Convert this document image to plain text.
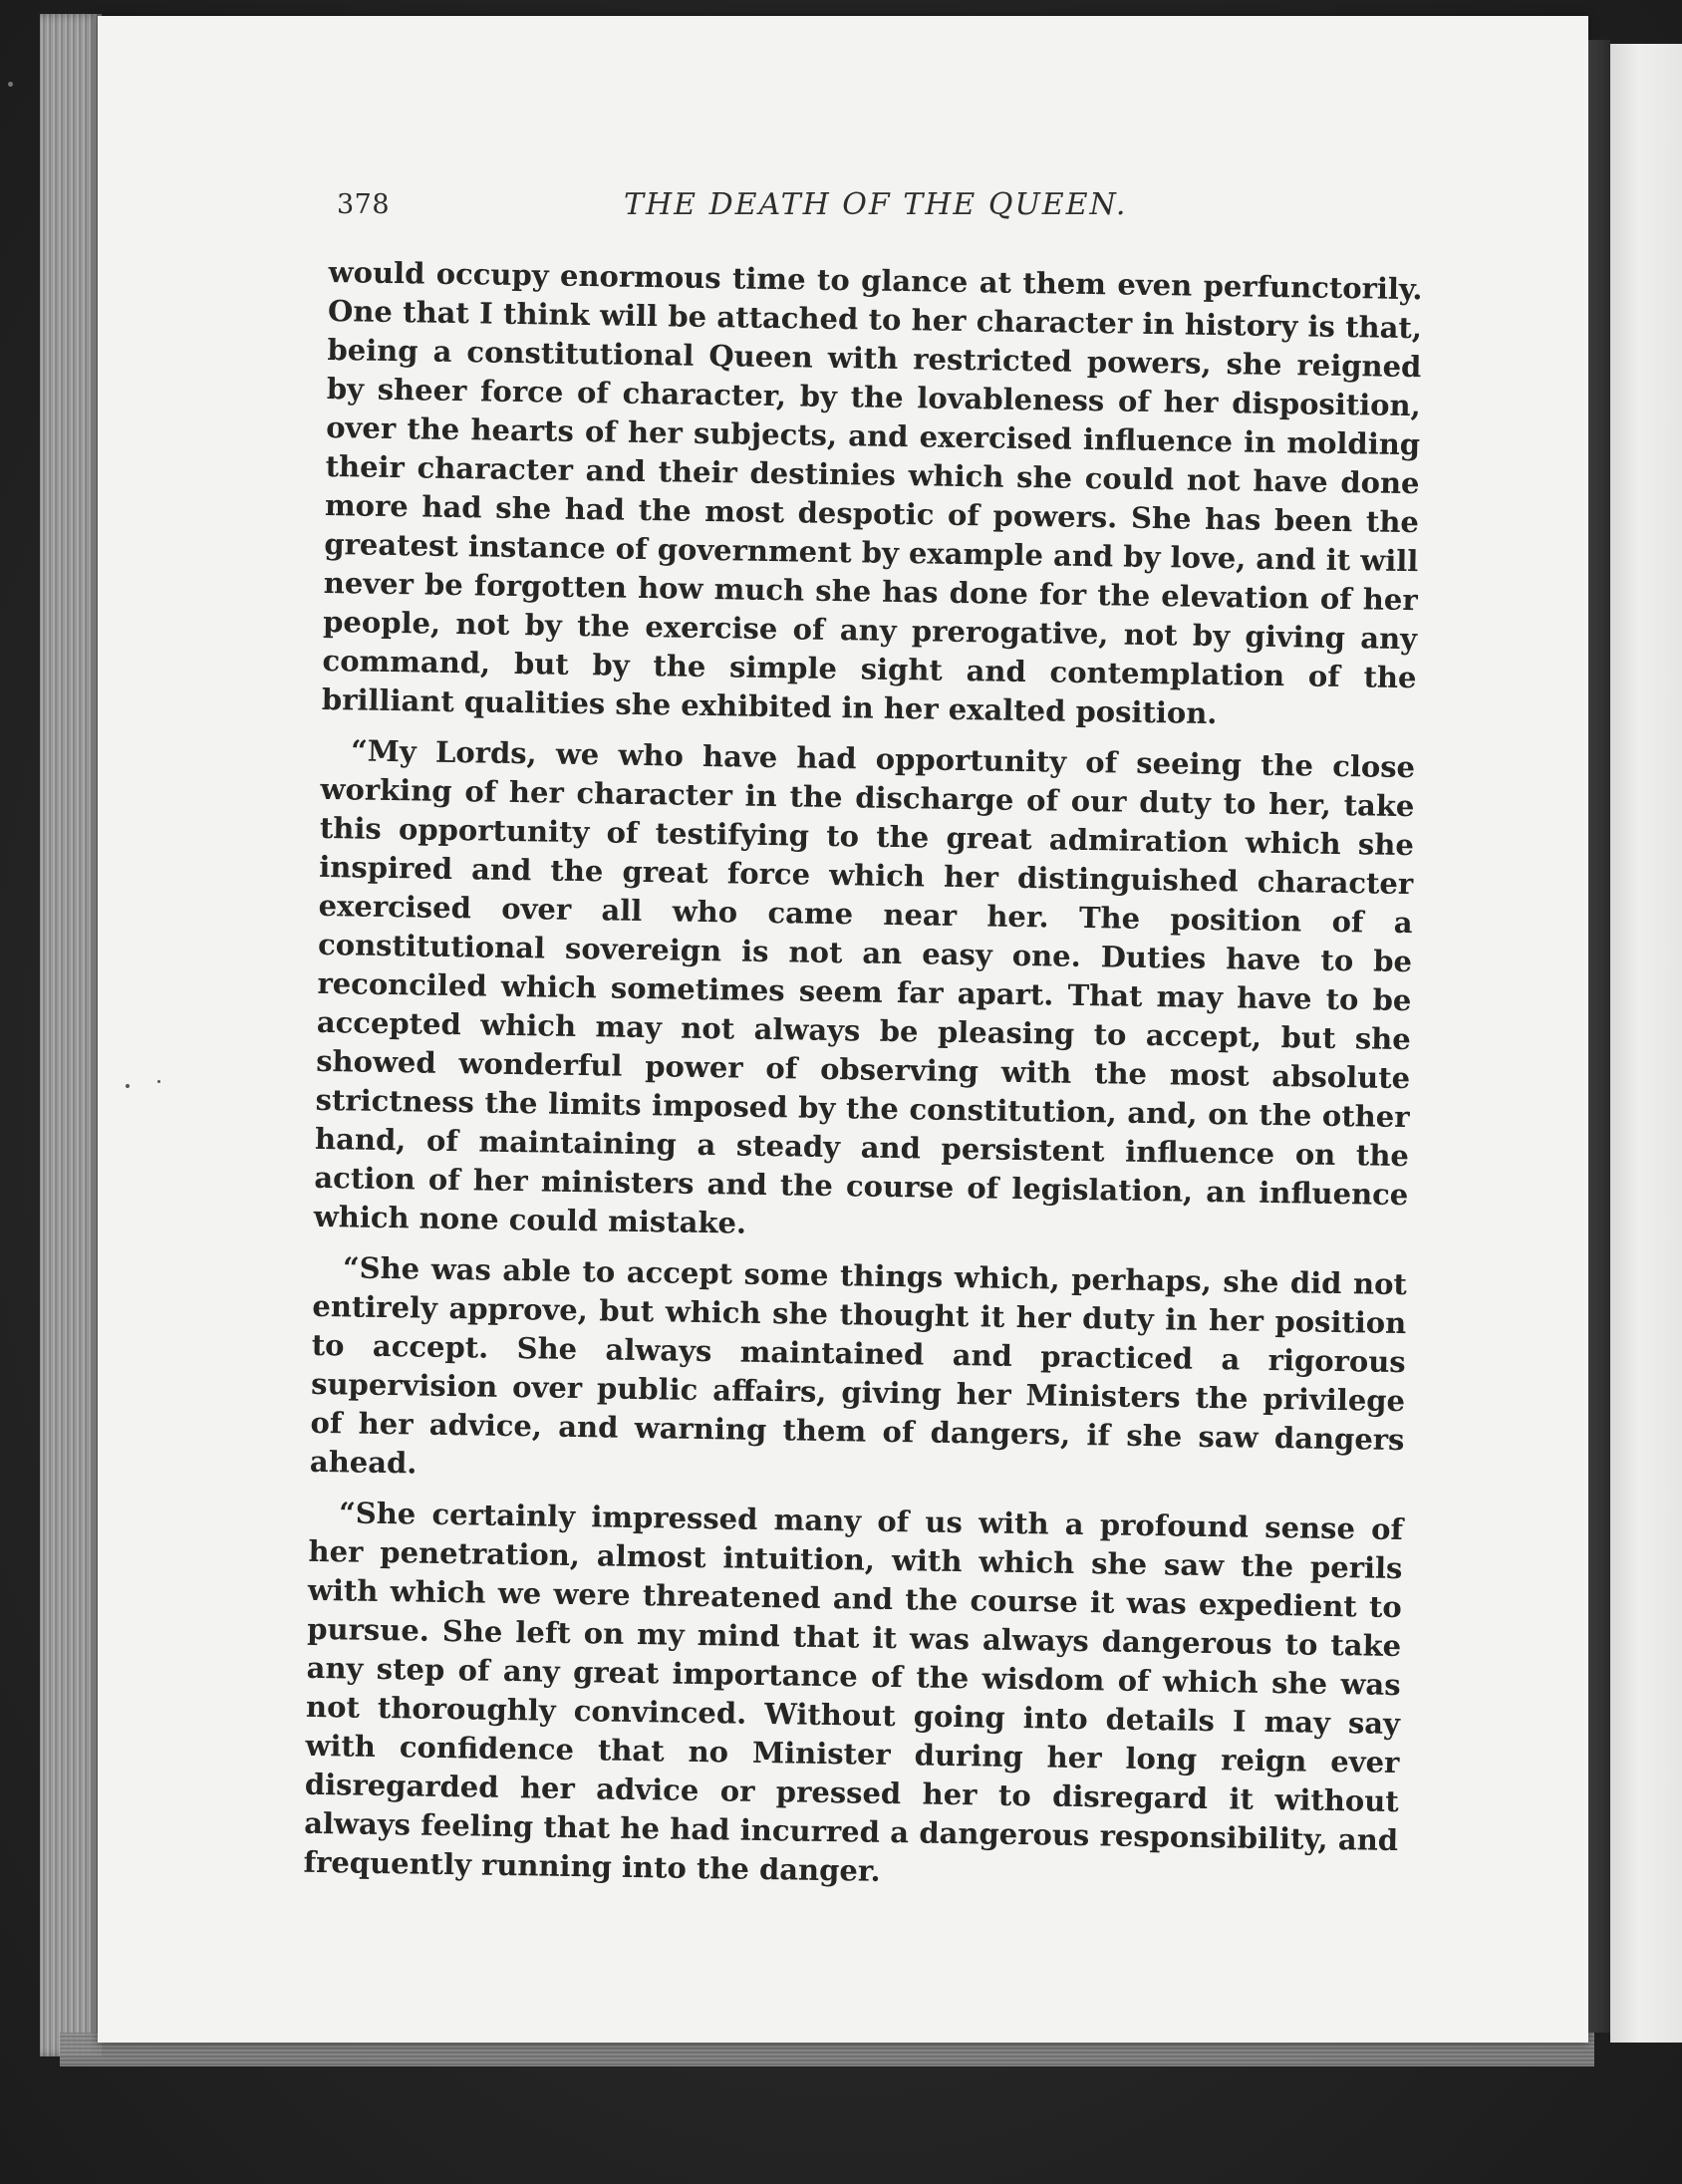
378	THE DEATH OF THE QUEEN.

would occupy enormous time to glance at them even perfunctorily. One that I think will be attached to her character in history is that, being a constitutional Queen with restricted powers, she reigned by sheer force of character, by the lovableness of her disposition, over the hearts of her subjects, and exercised influence in molding their character and their destinies which she could not have done more had she had the most despotic of powers. She has been the greatest instance of government by example and by love, and it will never be forgotten how much she has done for the elevation of her people, not by the exercise of any prerogative, not by giving any command, but by the simple sight and contemplation of the brilliant qualities she exhibited in her exalted position.

“My Lords, we who have had opportunity of seeing the close working of her character in the discharge of our duty to her, take this opportunity of testifying to the great admiration which she inspired and the great force which her distinguished character exercised over all who came near her. The position of a constitutional sovereign is not an easy one. Duties have to be reconciled which sometimes seem far apart. That may have to be accepted which may not always be pleasing to accept, but she showed wonderful power of observing with the most absolute strictness the limits imposed by the constitution, and, on the other hand, of maintaining a steady and persistent influence on the action of her ministers and the course of legislation, an influence which none could mistake.

“She was able to accept some things which, perhaps, she did not entirely approve, but which she thought it her duty in her position to accept. She always maintained and practiced a rigorous supervision over public affairs, giving her Ministers the privilege of her advice, and warning them of dangers, if she saw dangers ahead.

“She certainly impressed many of us with a profound sense of her penetration, almost intuition, with which she saw the perils with which we were threatened and the course it was expedient to pursue. She left on my mind that it was always dangerous to take any step of any great importance of the wisdom of which she was not thoroughly convinced. Without going into details I may say with confidence that no Minister during her long reign ever disregarded her advice or pressed her to disregard it without always feeling that he had incurred a dangerous responsibility, and frequently running into the danger.
